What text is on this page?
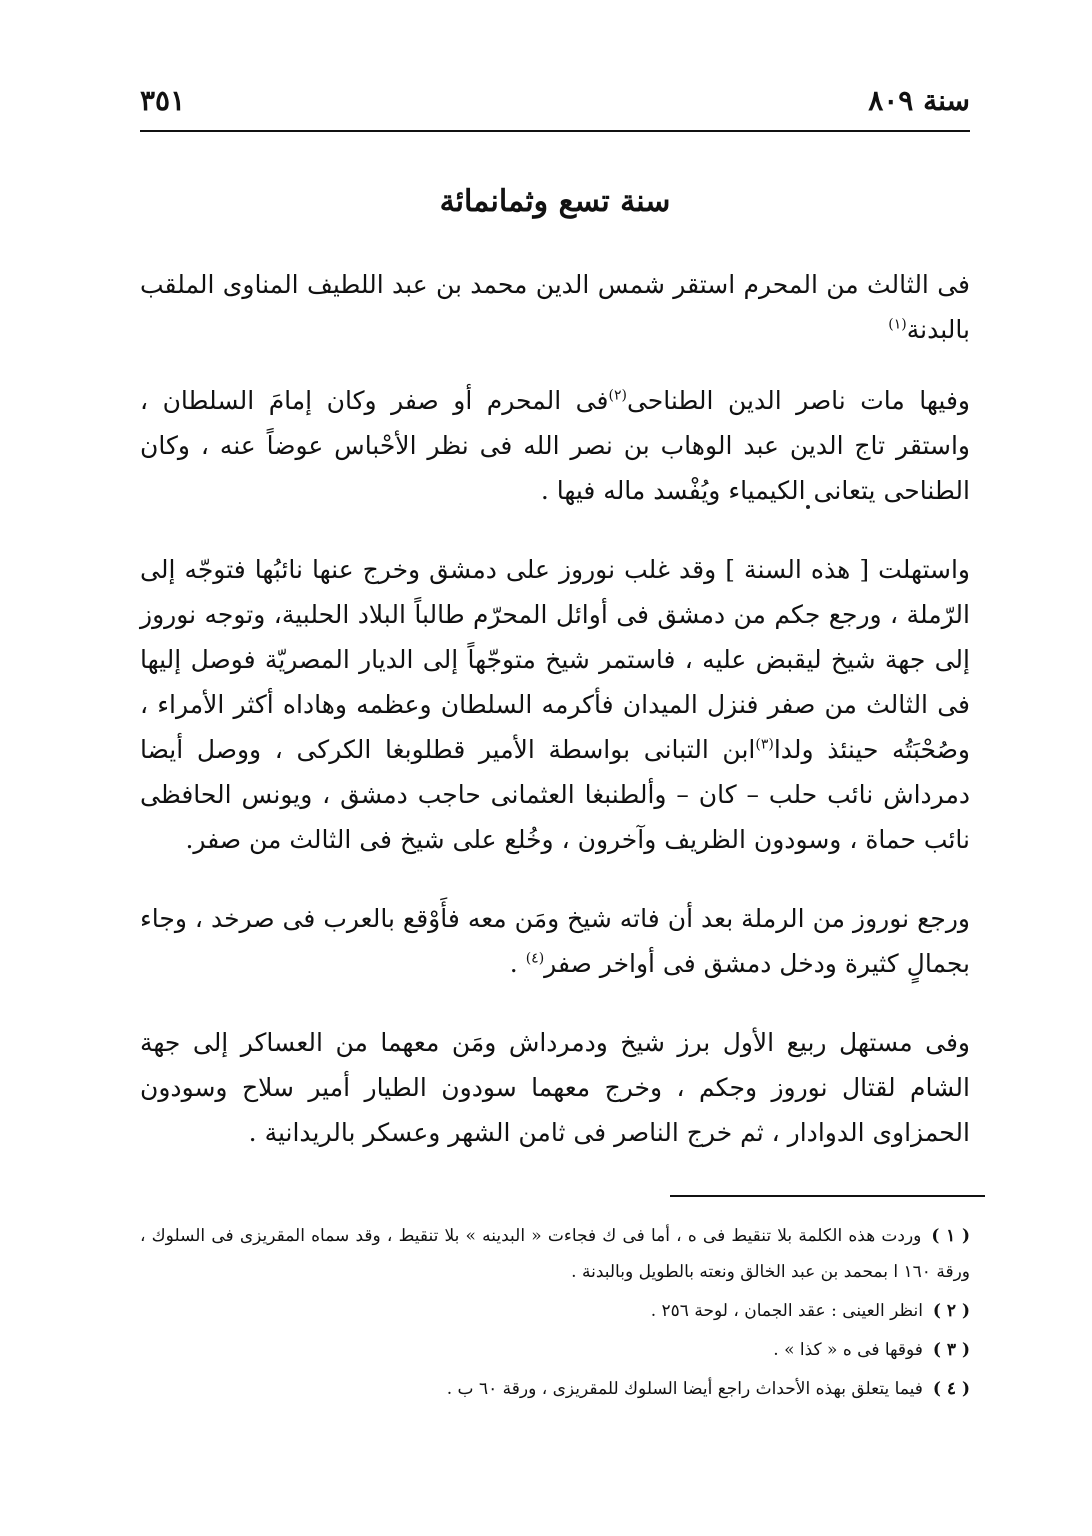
سنة ٨٠٩
٣٥١
سنة تسع وثمانمائة

فى الثالث من المحرم استقر شمس الدين محمد بن عبد اللطيف المناوى الملقب بالبدنة$^{(١)}$

وفيها مات ناصر الدين الطناحى$^{(٢)}$فى المحرم أو صفر وكان إمامَ السلطان ، واستقر تاج الدين عبد الوهاب بن نصر الله فى نظر الأحْباس عوضاً عنه ، وكان الطناحى يتعانى الكيمياء ويُفْسد ماله فيها .

واستهلت [ هذه السنة ] وقد غلب نوروز على دمشق وخرج عنها نائبُها فتوجّه إلى الرّملة ، ورجع جكم من دمشق فى أوائل المحرّم طالباً البلاد الحلبية، وتوجه نوروز إلى جهة شيخ ليقبض عليه ، فاستمر شيخ متوجّهاً إلى الديار المصريّة فوصل إليها فى الثالث من صفر فنزل الميدان فأكرمه السلطان وعظمه وهاداه أكثر الأمراء ، وصُحْبَتُه حينئذ ولدا$^{(٣)}$ابن التبانى بواسطة الأمير قطلوبغا الكركى ، ووصل أيضا دمرداش نائب حلب – كان – وألطنبغا العثمانى حاجب دمشق ، ويونس الحافظى نائب حماة ، وسودون الظريف وآخرون ، وخُلع على شيخ فى الثالث من صفر.

ورجع نوروز من الرملة بعد أن فاته شيخ ومَن معه فأَوْقع بالعرب فى صرخد ، وجاء بجمالٍ كثيرة ودخل دمشق فى أواخر صفر$^{(٤)}$ .

وفى مستهل ربيع الأول برز شيخ ودمرداش ومَن معهما من العساكر إلى جهة الشام لقتال نوروز وجكم ، وخرج معهما سودون الطيار أمير سلاح وسودون الحمزاوى الدوادار ، ثم خرج الناصر فى ثامن الشهر وعسكر بالريدانية .

( ١ )وردت هذه الكلمة بلا تنقيط فى ه ، أما فى ك فجاءت « البدينه » بلا تنقيط ، وقد سماه المقريزى فى السلوك ، ورقة ١٦٠ ا بمحمد بن عبد الخالق ونعته بالطويل وبالبدنة .
( ٢ )انظر العينى : عقد الجمان ، لوحة ٢٥٦ .
( ٣ )فوقها فى ه « كذا » .
( ٤ )فيما يتعلق بهذه الأحداث راجع أيضا السلوك للمقريزى ، ورقة ٦٠ ب .
